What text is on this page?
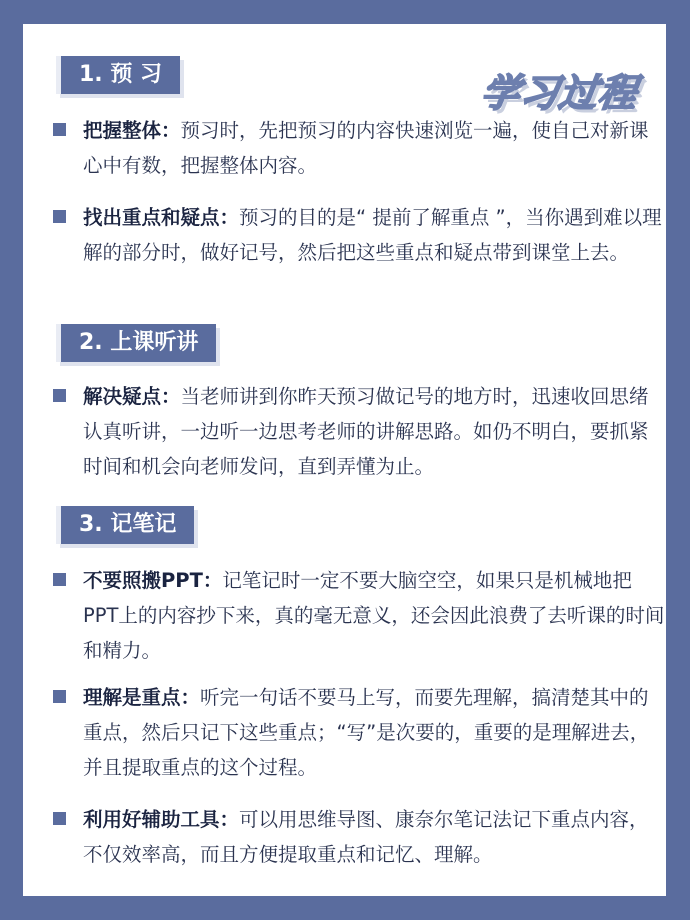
学习过程
1. 预 习
把握整体：预习时，先把预习的内容快速浏览一遍，使自己对新课心中有数，把握整体内容。
找出重点和疑点：预习的目的是“ 提前了解重点 ”，当你遇到难以理解的部分时，做好记号，然后把这些重点和疑点带到课堂上去。
2. 上课听讲
解决疑点：当老师讲到你昨天预习做记号的地方时，迅速收回思绪认真听讲，一边听一边思考老师的讲解思路。如仍不明白，要抓紧时间和机会向老师发问，直到弄懂为止。
3. 记笔记
不要照搬PPT：记笔记时一定不要大脑空空，如果只是机械地把PPT上的内容抄下来，真的毫无意义，还会因此浪费了去听课的时间和精力。
理解是重点：听完一句话不要马上写，而要先理解，搞清楚其中的重点，然后只记下这些重点；“写”是次要的，重要的是理解进去，并且提取重点的这个过程。
利用好辅助工具：可以用思维导图、康奈尔笔记法记下重点内容，不仅效率高，而且方便提取重点和记忆、理解。
